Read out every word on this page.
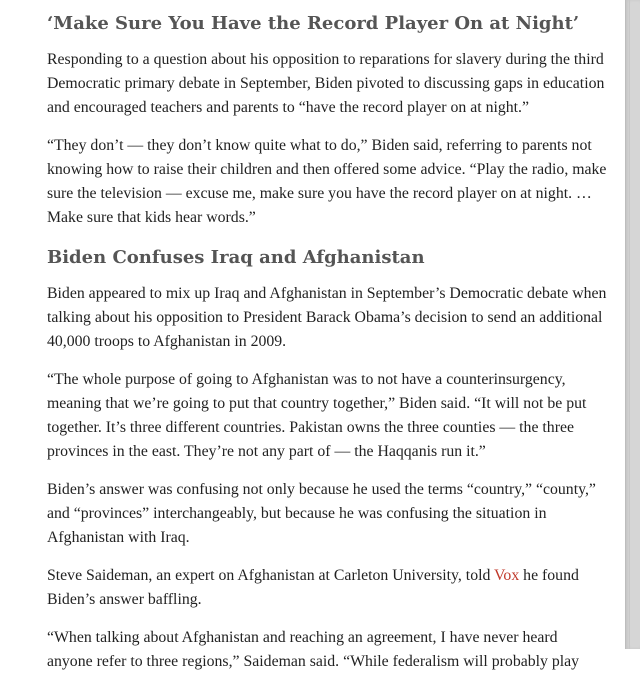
‘Make Sure You Have the Record Player On at Night’

Responding to a question about his opposition to reparations for slavery during the third Democratic primary debate in September, Biden pivoted to discussing gaps in education and encouraged teachers and parents to “have the record player on at night.”

“They don’t — they don’t know quite what to do,” Biden said, referring to parents not knowing how to raise their children and then offered some advice. “Play the radio, make sure the television — excuse me, make sure you have the record player on at night. … Make sure that kids hear words.”

Biden Confuses Iraq and Afghanistan

Biden appeared to mix up Iraq and Afghanistan in September’s Democratic debate when talking about his opposition to President Barack Obama’s decision to send an additional 40,000 troops to Afghanistan in 2009.

“The whole purpose of going to Afghanistan was to not have a counterinsurgency, meaning that we’re going to put that country together,” Biden said. “It will not be put together. It’s three different countries. Pakistan owns the three counties — the three provinces in the east. They’re not any part of — the Haqqanis run it.”

Biden’s answer was confusing not only because he used the terms “country,” “county,” and “provinces” interchangeably, but because he was confusing the situation in Afghanistan with Iraq.

Steve Saideman, an expert on Afghanistan at Carleton University, told Vox he found Biden’s answer baffling.

“When talking about Afghanistan and reaching an agreement, I have never heard anyone refer to three regions,” Saideman said. “While federalism will probably play
